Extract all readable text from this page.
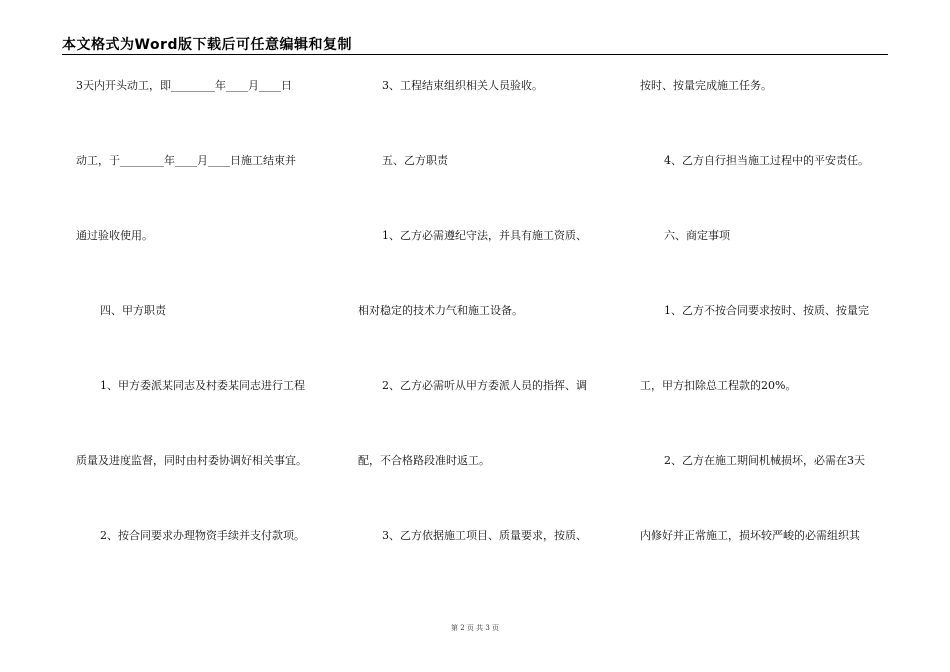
本文格式为Word版下载后可任意编辑和复制
3天内开头动工，即________年____月____日
动工，于________年____月____日施工结束并
通过验收使用。
四、甲方职责
1、甲方委派某同志及村委某同志进行工程
质量及进度监督，同时由村委协调好相关事宜。
2、按合同要求办理物资手续并支付款项。
3、工程结束组织相关人员验收。
五、乙方职责
1、乙方必需遵纪守法，并具有施工资质、
相对稳定的技术力气和施工设备。
2、乙方必需听从甲方委派人员的指挥、调
配，不合格路段准时返工。
3、乙方依据施工项目、质量要求，按质、
按时、按量完成施工任务。
4、乙方自行担当施工过程中的平安责任。
六、商定事项
1、乙方不按合同要求按时、按质、按量完
工，甲方扣除总工程款的20%。
2、乙方在施工期间机械损坏，必需在3天
内修好并正常施工，损坏较严峻的必需组织其
第 2 页 共 3 页
